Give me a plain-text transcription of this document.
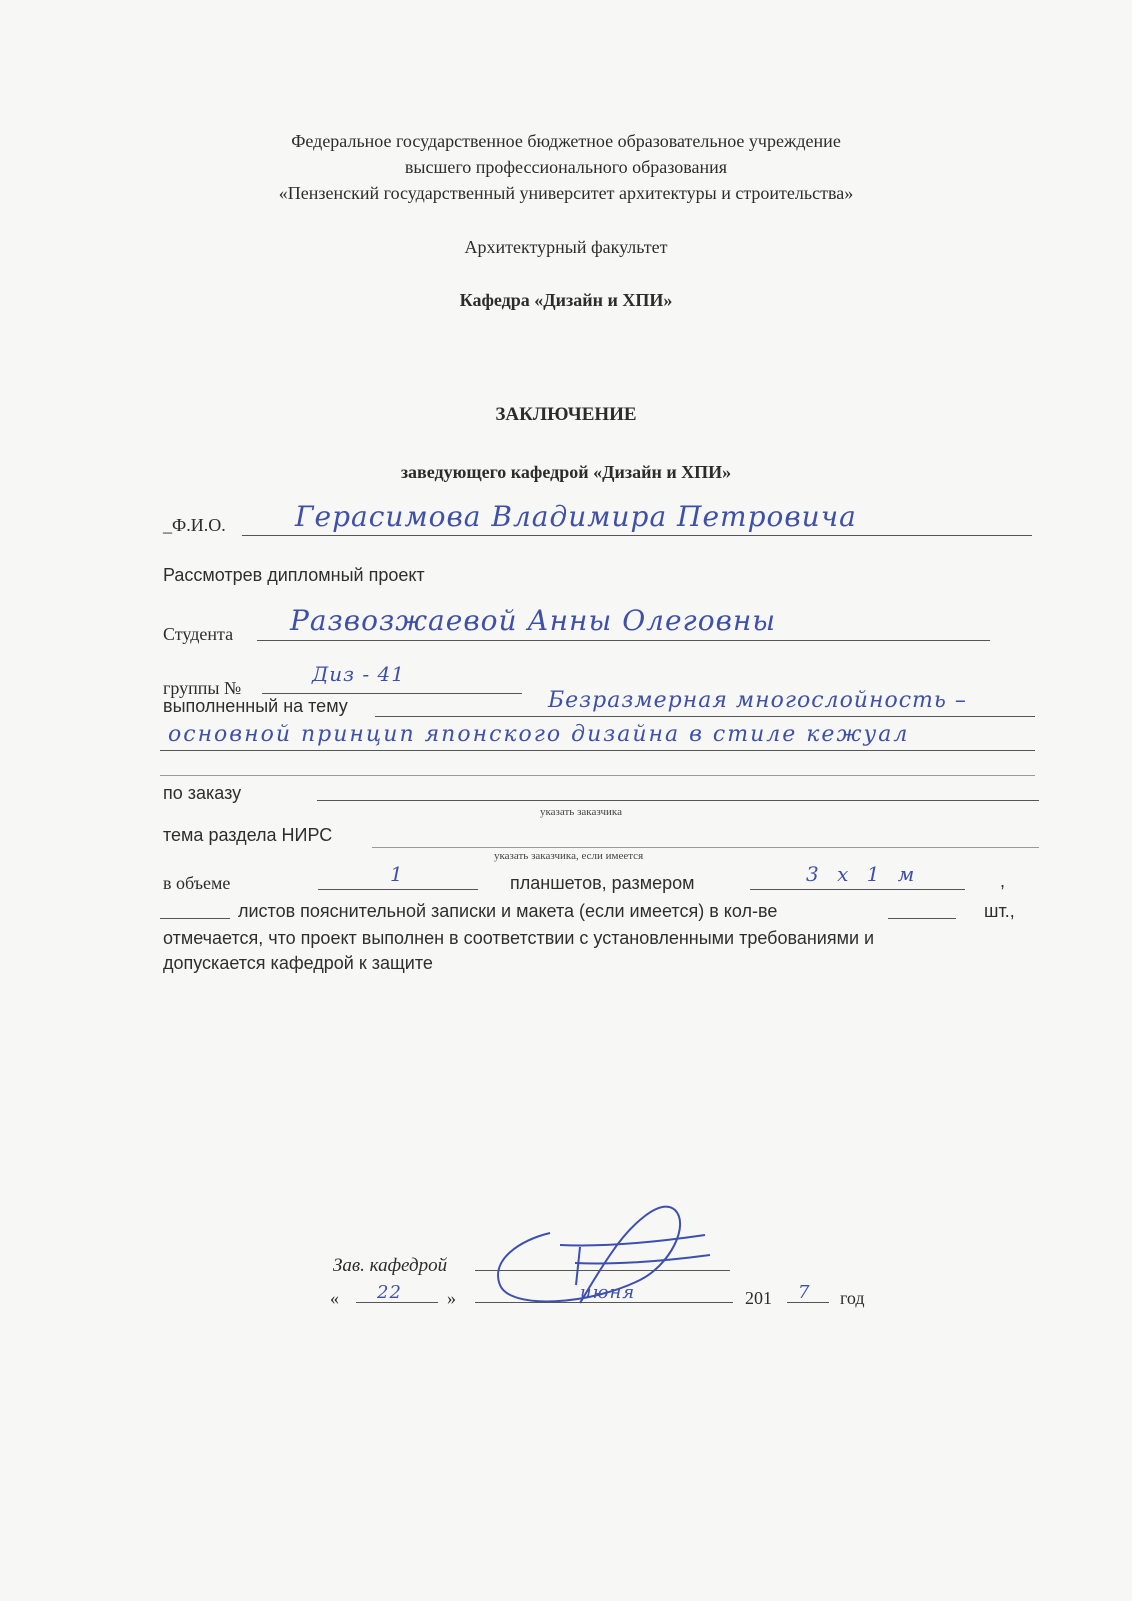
Федеральное государственное бюджетное образовательное учреждение
высшего профессионального образования
«Пензенский государственный университет архитектуры и строительства»
Архитектурный факультет
Кафедра «Дизайн и ХПИ»
ЗАКЛЮЧЕНИЕ
заведующего кафедрой «Дизайн и ХПИ»
_Ф.И.О. Герасимова Владимира Петровича
Рассмотрев дипломный проект
Студента Развозжаевой Анны Олеговны
группы №
Диз - 41
выполненный на тему	Безразмерная многослойность –
основной принцип японского дизайна в стиле кежуал
по заказу
указать заказчика
тема раздела НИРС
указать заказчика, если имеется
в объеме	1	планшетов, размером	3 х 1 м	,
листов пояснительной записки и макета (если имеется) в кол-ве	шт.,
отмечается, что проект выполнен в соответствии с установленными требованиями и
допускается кафедрой к защите
Зав. кафедрой
« 22	»	июня	201 7 год
